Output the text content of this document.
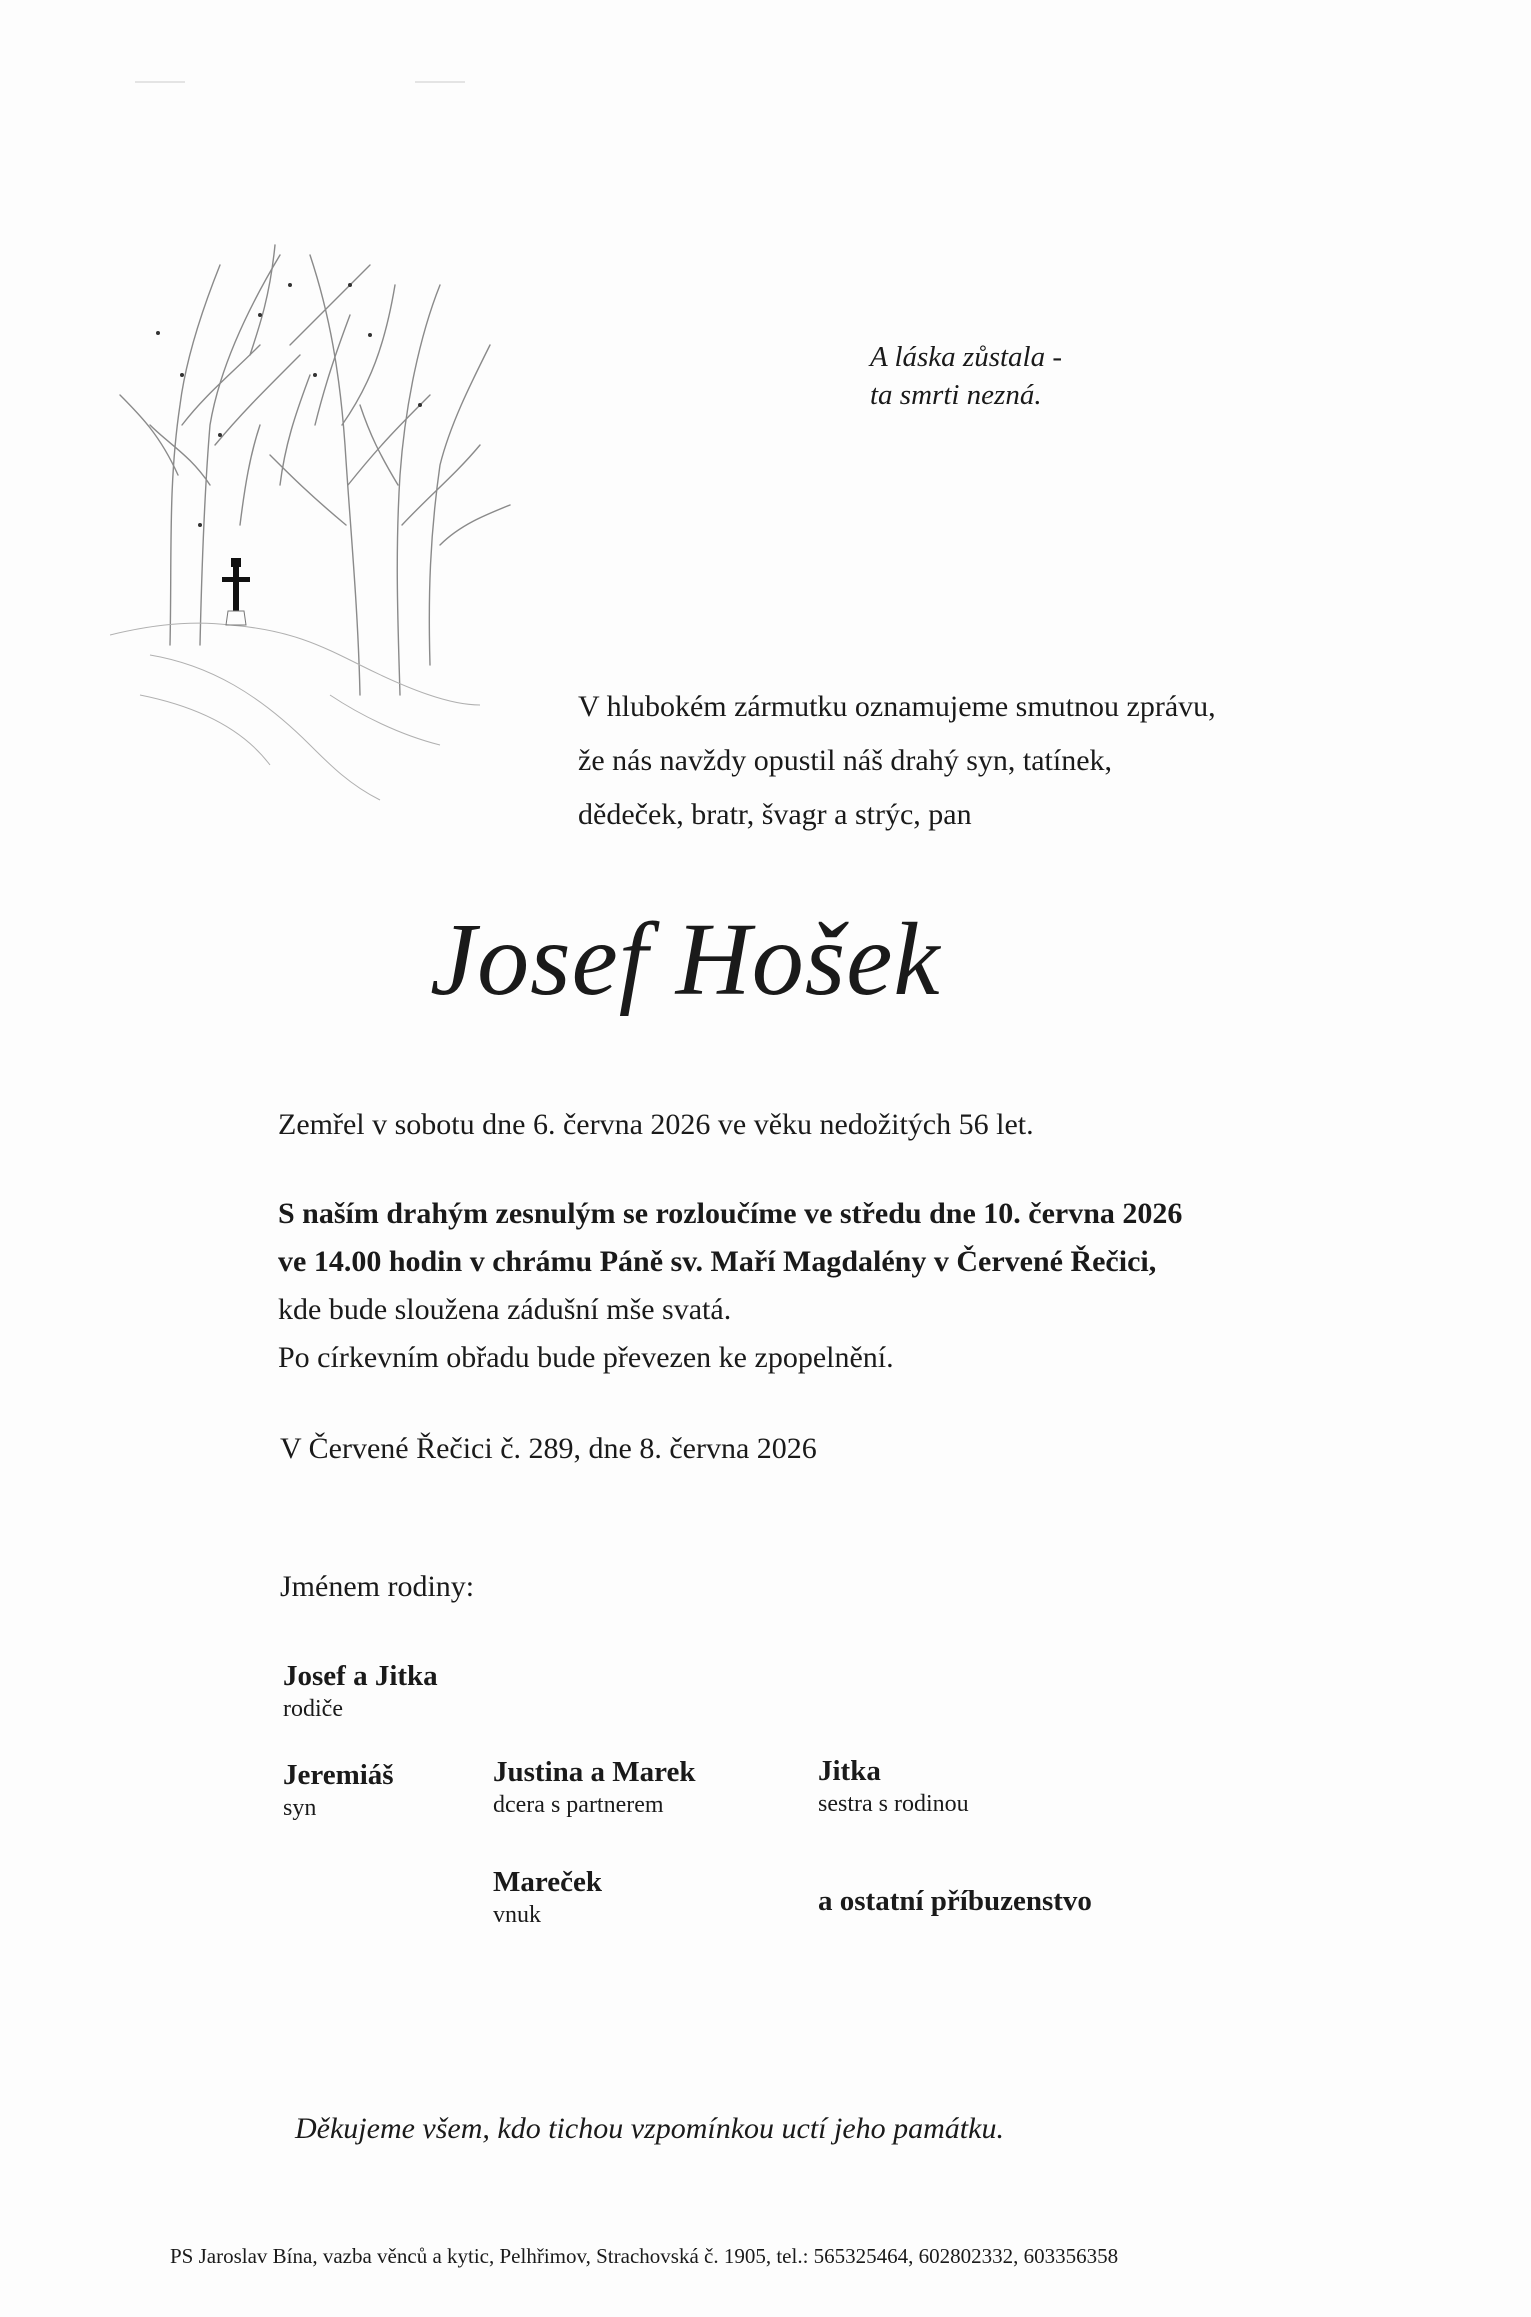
A láska zůstala -
ta smrti nezná.
V hlubokém zármutku oznamujeme smutnou zprávu,
že nás navždy opustil náš drahý syn, tatínek,
dědeček, bratr, švagr a strýc, pan
Josef Hošek
Zemřel v sobotu dne 6. června 2026 ve věku nedožitých 56 let.
S naším drahým zesnulým se rozloučíme ve středu dne 10. června 2026
ve 14.00 hodin v chrámu Páně sv. Maří Magdalény v Červené Řečici,
kde bude sloužena zádušní mše svatá.
Po církevním obřadu bude převezen ke zpopelnění.
V Červené Řečici č. 289, dne 8. června 2026
Jménem rodiny:
Josef a Jitka
rodiče
Jeremiáš
syn
Justina a Marek
dcera s partnerem
Jitka
sestra s rodinou
Mareček
vnuk	a ostatní příbuzenstvo
Děkujeme všem, kdo tichou vzpomínkou uctí jeho památku.
PS Jaroslav Bína, vazba věnců a kytic, Pelhřimov, Strachovská č. 1905, tel.: 565325464, 602802332, 603356358
